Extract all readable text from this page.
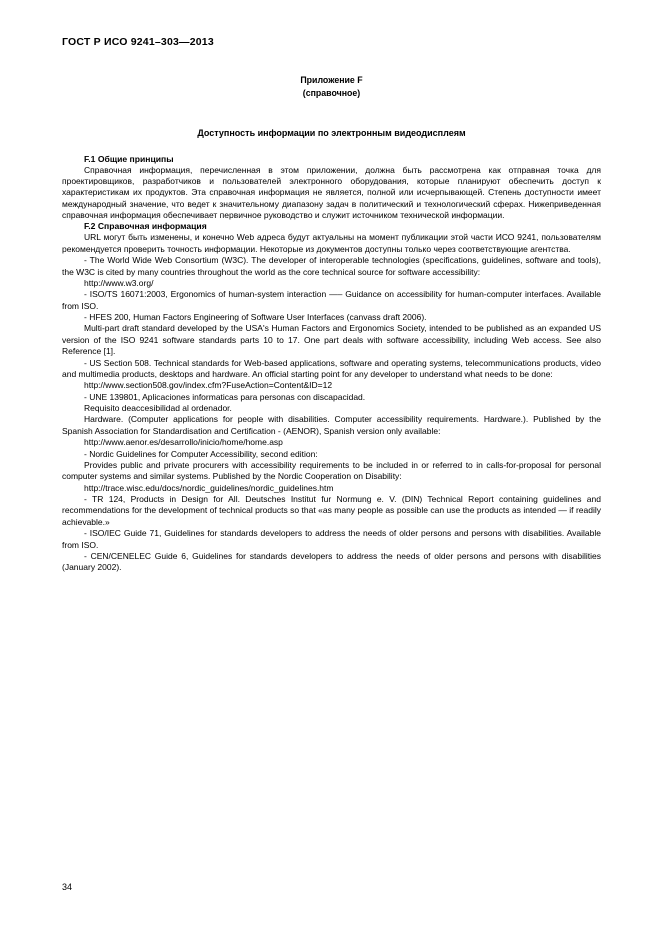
ГОСТ Р ИСО 9241–303—2013
Приложение F
(справочное)
Доступность информации по электронным видеодисплеям
F.1 Общие принципы

Справочная информация, перечисленная в этом приложении, должна быть рассмотрена как отправная точка для проектировщиков, разработчиков и пользователей электронного оборудования, которые планируют обеспечить доступ к характеристикам их продуктов. Эта справочная информация не является, полной или исчерпывающей. Степень доступности имеет международный значение, что ведет к значительному диапазону задач в политический и технологический сферах. Нижеприведенная справочная информация обеспечивает первичное руководство и служит источником технической информации.

F.2 Справочная информация

URL могут быть изменены, и конечно Web адреса будут актуальны на момент публикации этой части ИСО 9241, пользователям рекомендуется проверить точность информации. Некоторые из документов доступны только через соответствующие агентства.

- The World Wide Web Consortium (W3C). The developer of interoperable technologies (specifications, guidelines, software and tools), the W3C is cited by many countries throughout the world as the core technical source for software accessibility:

http://www.w3.org/

- ISO/TS 16071:2003, Ergonomics of human-system interaction —– Guidance on accessibility for human-computer interfaces. Available from ISO.

- HFES 200, Human Factors Engineering of Software User Interfaces (canvass draft 2006).

Multi-part draft standard developed by the USA's Human Factors and Ergonomics Society, intended to be published as an expanded US version of the ISO 9241 software standards parts 10 to 17. One part deals with software accessibility, including Web access. See also Reference [1].

- US Section 508. Technical standards for Web-based applications, software and operating systems, telecommunications products, video and multimedia products, desktops and hardware. An official starting point for any developer to understand what needs to be done:

http://www.section508.gov/index.cfm?FuseAction=Content&ID=12

- UNE 139801, Aplicaciones informaticas para personas con discapacidad.

Requisito deaccesibilidad al ordenador.

Hardware. (Computer applications for people with disabilities. Computer accessibility requirements. Hardware.). Published by the Spanish Association for Standardisation and Certification - (AENOR), Spanish version only available:

http://www.aenor.es/desarrollo/inicio/home/home.asp

- Nordic Guidelines for Computer Accessibility, second edition:

Provides public and private procurers with accessibility requirements to be included in or referred to in calls-for-proposal for personal computer systems and similar systems. Published by the Nordic Cooperation on Disability:

http://trace.wisc.edu/docs/nordic_guidelines/nordic_guidelines.htm

- TR 124, Products in Design for All. Deutsches Institut fur Normung e. V. (DIN) Technical Report containing guidelines and recommendations for the development of technical products so that «as many people as possible can use the products as intended — if readily achievable.»

- ISO/IEC Guide 71, Guidelines for standards developers to address the needs of older persons and persons with disabilities. Available from ISO.

- CEN/CENELEC Guide 6, Guidelines for standards developers to address the needs of older persons and persons with disabilities (January 2002).

34
